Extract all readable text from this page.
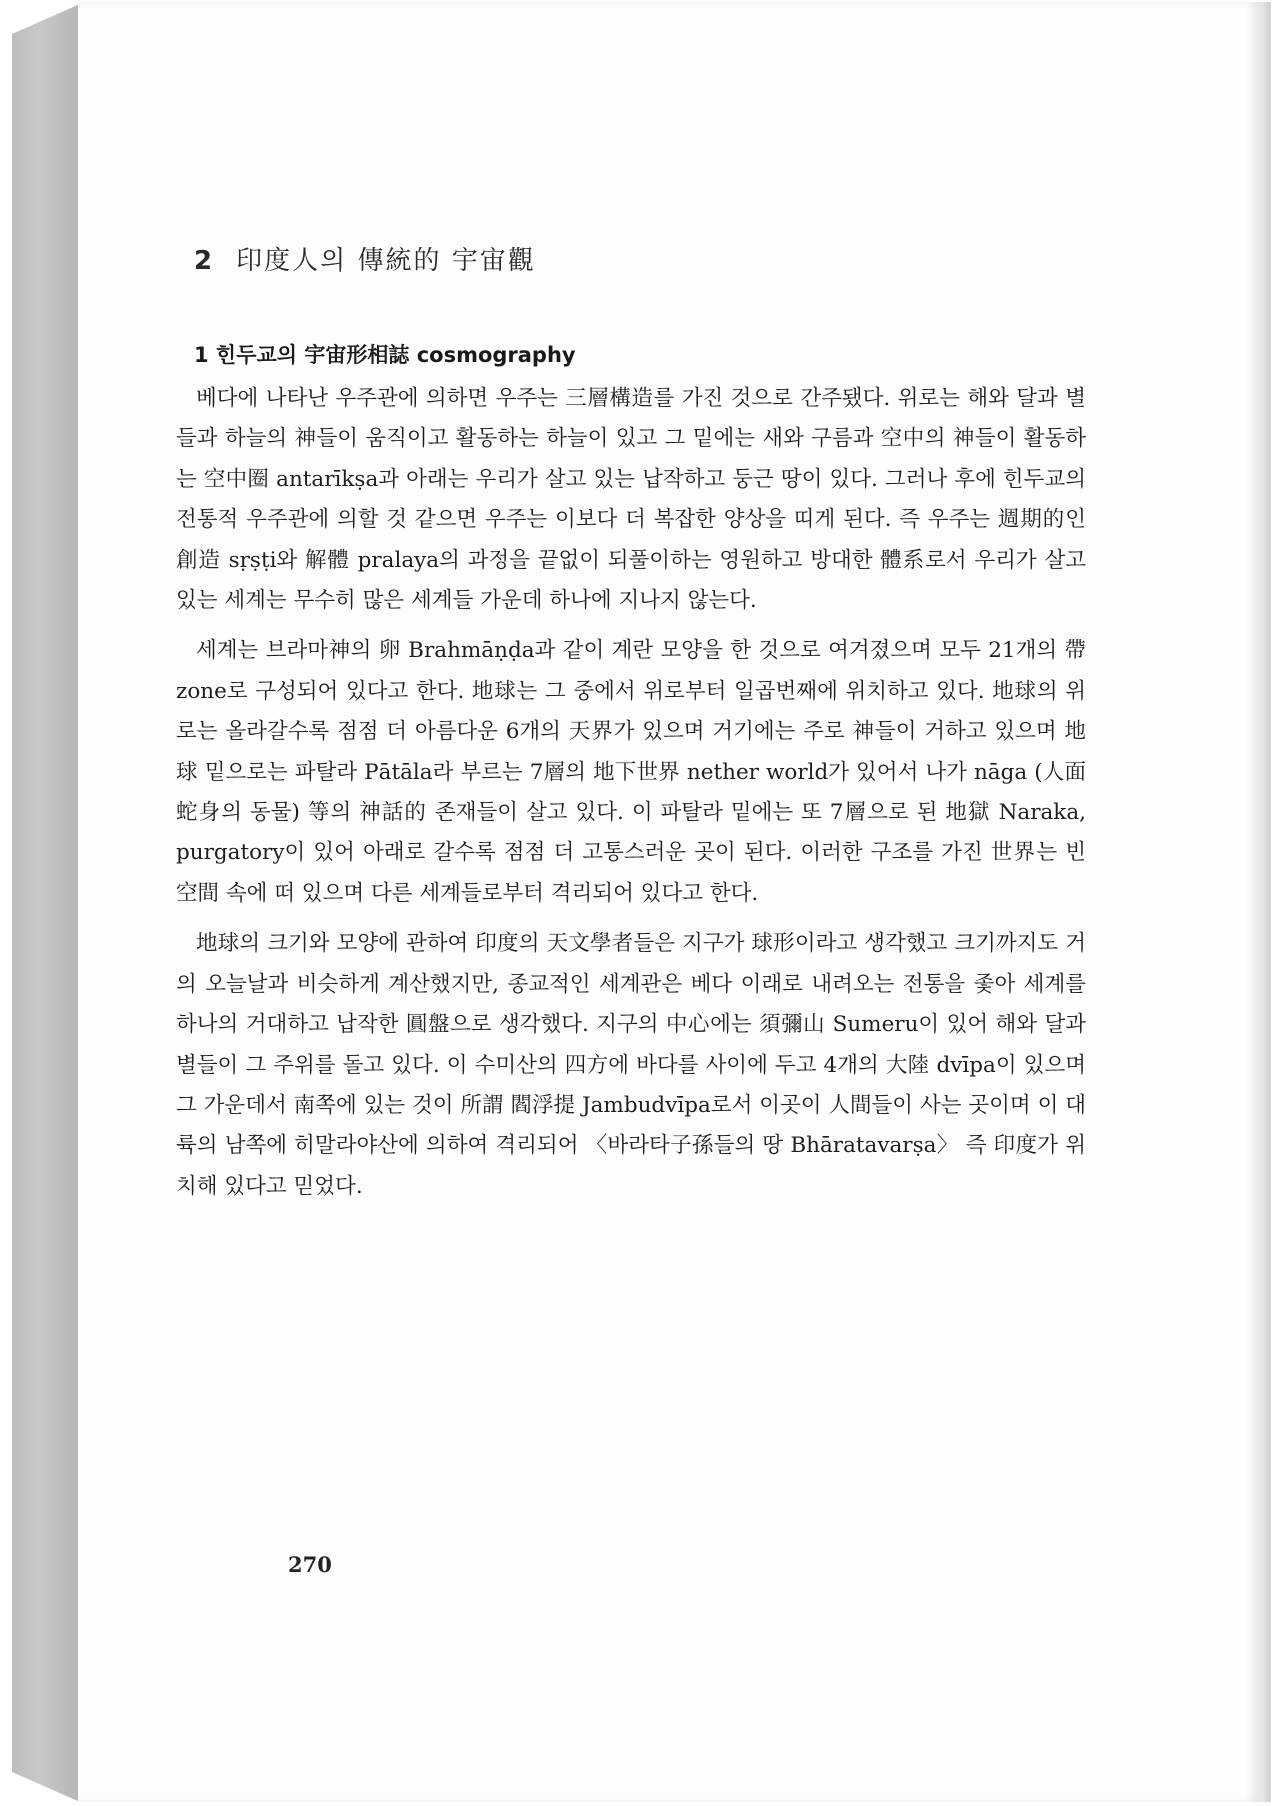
2 印度人의 傳統的 宇宙觀
1 힌두교의 宇宙形相誌 cosmography

베다에 나타난 우주관에 의하면 우주는 三層構造를 가진 것으로 간주됐다. 위로는 해와 달과 별들과 하늘의 神들이 움직이고 활동하는 하늘이 있고 그 밑에는 새와 구름과 空中의 神들이 활동하는 空中圈 antarīkṣa과 아래는 우리가 살고 있는 납작하고 둥근 땅이 있다. 그러나 후에 힌두교의 전통적 우주관에 의할 것 같으면 우주는 이보다 더 복잡한 양상을 띠게 된다. 즉 우주는 週期的인 創造 sṛṣṭi와 解體 pralaya의 과정을 끝없이 되풀이하는 영원하고 방대한 體系로서 우리가 살고 있는 세계는 무수히 많은 세계들 가운데 하나에 지나지 않는다.

세계는 브라마神의 卵 Brahmāṇḍa과 같이 계란 모양을 한 것으로 여겨졌으며 모두 21개의 帶 zone로 구성되어 있다고 한다. 地球는 그 중에서 위로부터 일곱번째에 위치하고 있다. 地球의 위로는 올라갈수록 점점 더 아름다운 6개의 天界가 있으며 거기에는 주로 神들이 거하고 있으며 地球 밑으로는 파탈라 Pātāla라 부르는 7層의 地下世界 nether world가 있어서 나가 nāga (人面蛇身의 동물) 等의 神話的 존재들이 살고 있다. 이 파탈라 밑에는 또 7層으로 된 地獄 Naraka, purgatory이 있어 아래로 갈수록 점점 더 고통스러운 곳이 된다. 이러한 구조를 가진 世界는 빈 空間 속에 떠 있으며 다른 세계들로부터 격리되어 있다고 한다.

地球의 크기와 모양에 관하여 印度의 天文學者들은 지구가 球形이라고 생각했고 크기까지도 거의 오늘날과 비슷하게 계산했지만, 종교적인 세계관은 베다 이래로 내려오는 전통을 좇아 세계를 하나의 거대하고 납작한 圓盤으로 생각했다. 지구의 中心에는 須彌山 Sumeru이 있어 해와 달과 별들이 그 주위를 돌고 있다. 이 수미산의 四方에 바다를 사이에 두고 4개의 大陸 dvīpa이 있으며 그 가운데서 南쪽에 있는 것이 所謂 閻浮提 Jambudvīpa로서 이곳이 人間들이 사는 곳이며 이 대륙의 남쪽에 히말라야산에 의하여 격리되어 〈바라타子孫들의 땅 Bhāratavarṣa〉 즉 印度가 위치해 있다고 믿었다.

270
